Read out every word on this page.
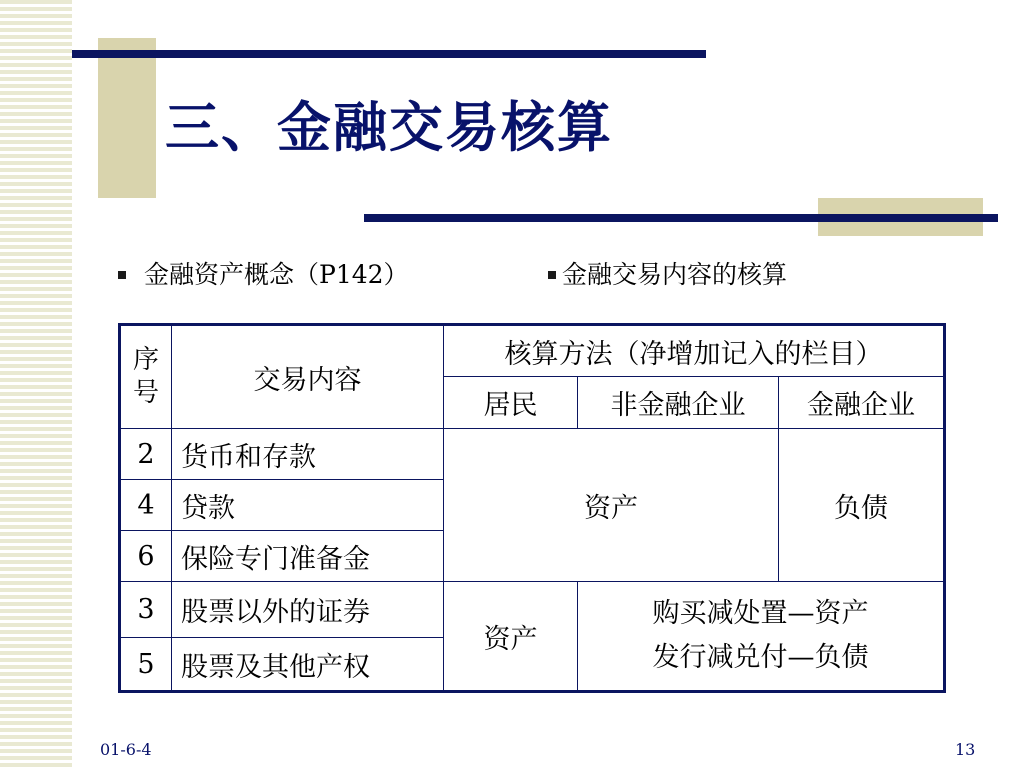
三、金融交易核算
金融资产概念（P142）	金融交易内容的核算
序
号	交易内容	核算方法（净增加记入的栏目）		
		居民	非金融企业	金融企业
2	货币和存款	资产		负债
4	贷款			
6	保险专门准备金			
3	股票以外的证券	资产	购买减处置—资产
发行减兑付—负债	
5	股票及其他产权			
01-6-4	13
